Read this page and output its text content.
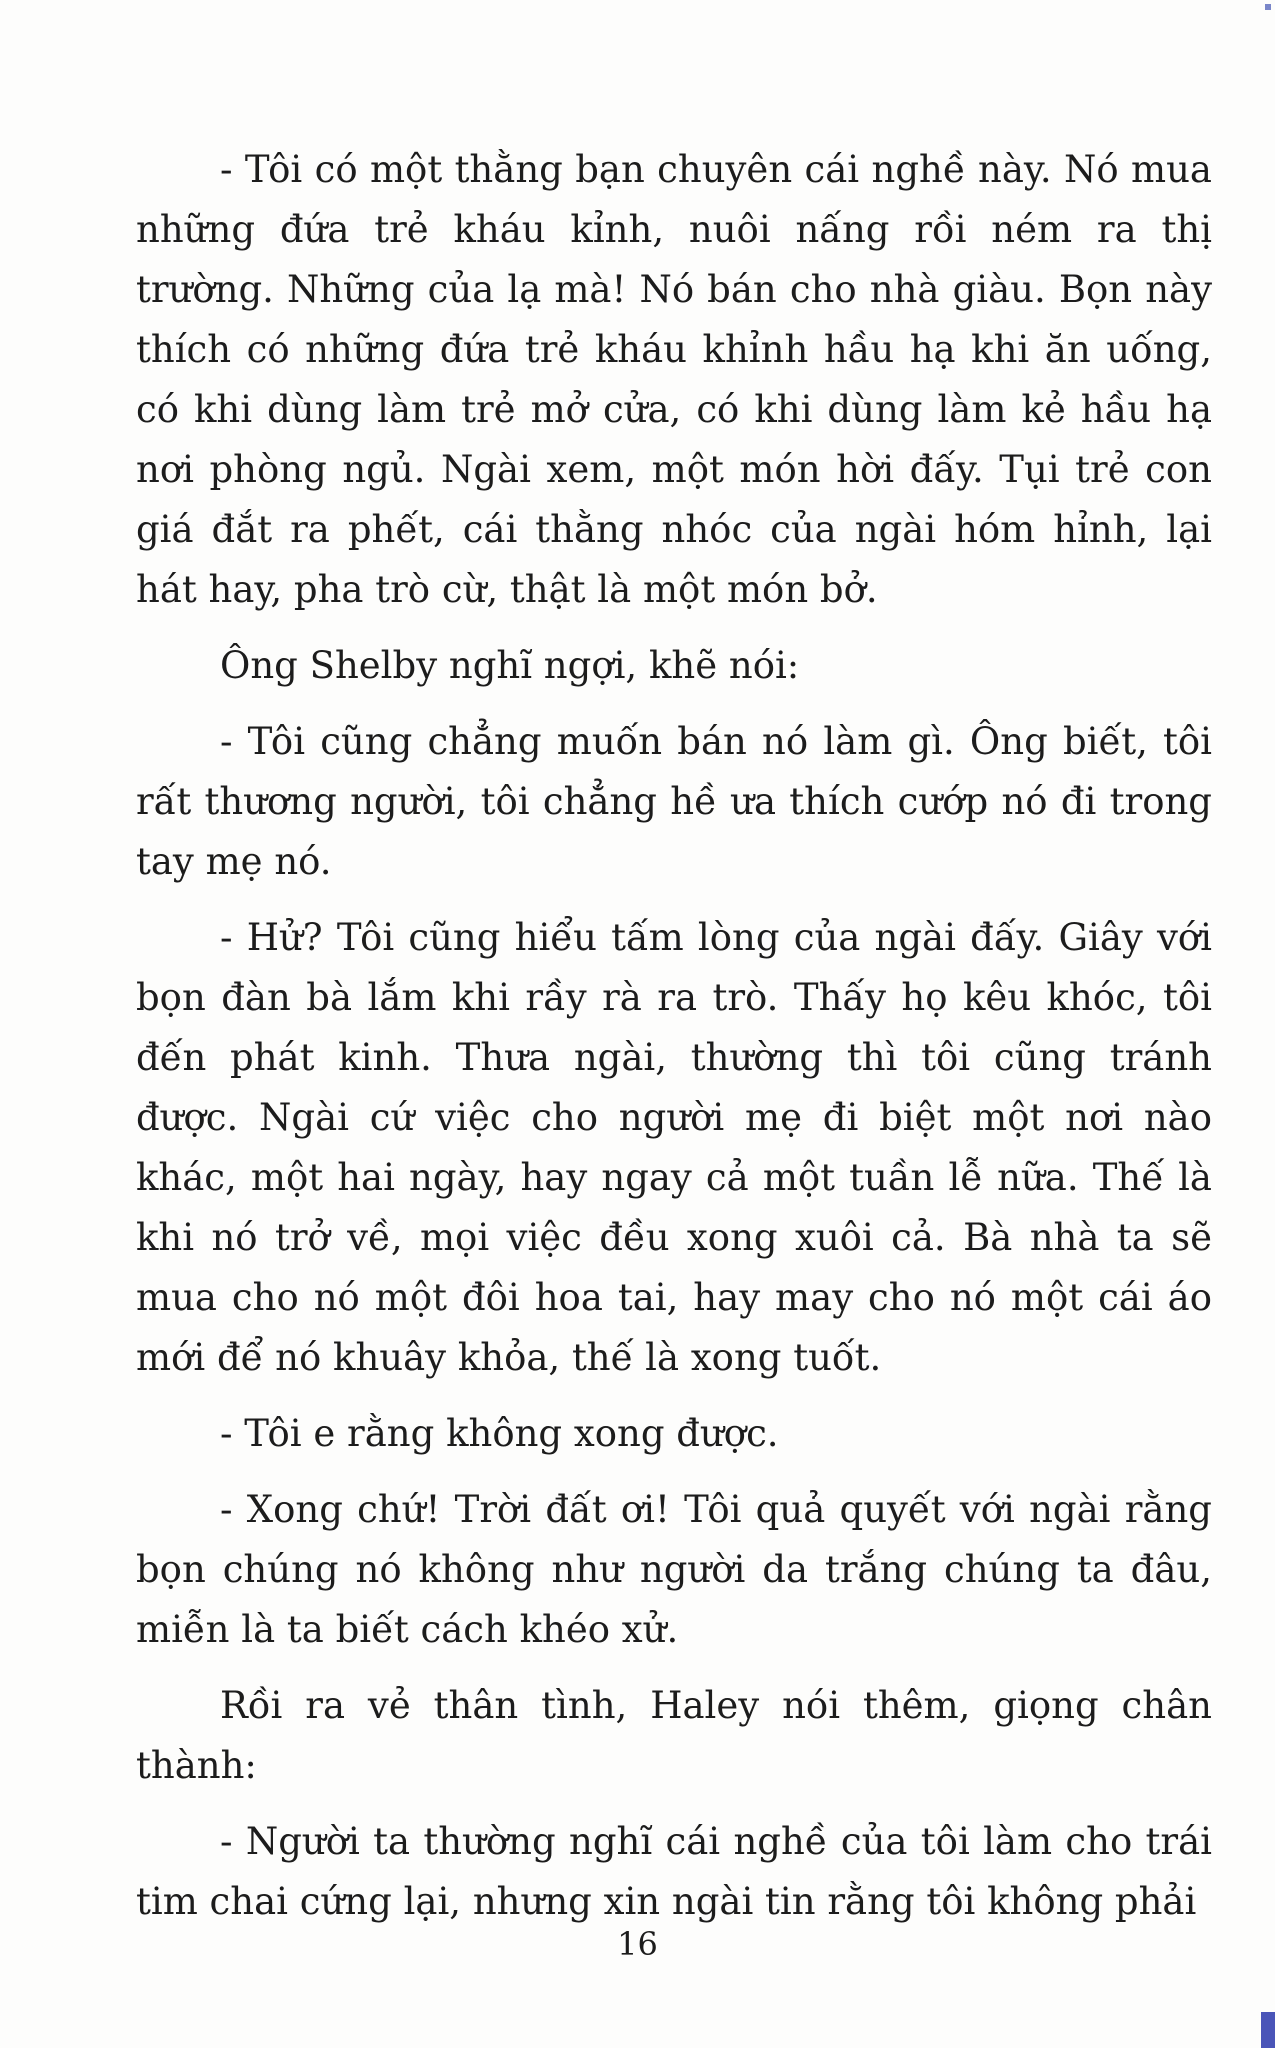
- Tôi có một thằng bạn chuyên cái nghề này. Nó mua những đứa trẻ kháu kỉnh, nuôi nấng rồi ném ra thị trường. Những của lạ mà! Nó bán cho nhà giàu. Bọn này thích có những đứa trẻ kháu khỉnh hầu hạ khi ăn uống, có khi dùng làm trẻ mở cửa, có khi dùng làm kẻ hầu hạ nơi phòng ngủ. Ngài xem, một món hời đấy. Tụi trẻ con giá đắt ra phết, cái thằng nhóc của ngài hóm hỉnh, lại hát hay, pha trò cừ, thật là một món bở.

Ông Shelby nghĩ ngợi, khẽ nói:

- Tôi cũng chẳng muốn bán nó làm gì. Ông biết, tôi rất thương người, tôi chẳng hề ưa thích cướp nó đi trong tay mẹ nó.

- Hử? Tôi cũng hiểu tấm lòng của ngài đấy. Giây với bọn đàn bà lắm khi rầy rà ra trò. Thấy họ kêu khóc, tôi đến phát kinh. Thưa ngài, thường thì tôi cũng tránh được. Ngài cứ việc cho người mẹ đi biệt một nơi nào khác, một hai ngày, hay ngay cả một tuần lễ nữa. Thế là khi nó trở về, mọi việc đều xong xuôi cả. Bà nhà ta sẽ mua cho nó một đôi hoa tai, hay may cho nó một cái áo mới để nó khuây khỏa, thế là xong tuốt.

- Tôi e rằng không xong được.

- Xong chứ! Trời đất ơi! Tôi quả quyết với ngài rằng bọn chúng nó không như người da trắng chúng ta đâu, miễn là ta biết cách khéo xử.

Rồi ra vẻ thân tình, Haley nói thêm, giọng chân thành:

- Người ta thường nghĩ cái nghề của tôi làm cho trái tim chai cứng lại, nhưng xin ngài tin rằng tôi không phải

16
